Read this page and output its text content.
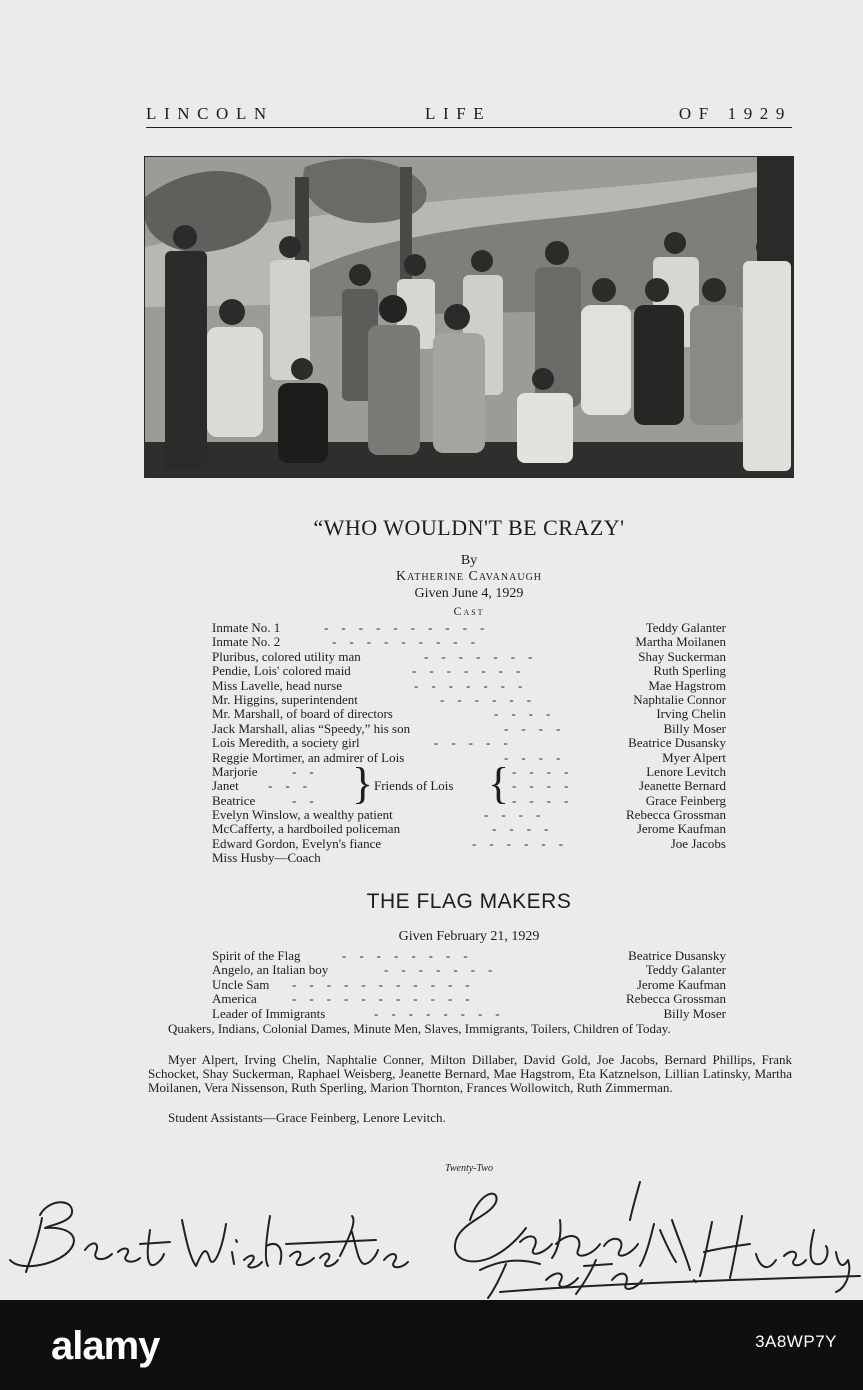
LINCOLN	LIFE	OF 1929
“WHO WOULDN'T BE CRAZY'
By
Katherine Cavanaugh
Given June 4, 1929
Cast
Inmate No. 1	-    -    -    -    -    -    -    -    -    -	Teddy Galanter
Inmate No. 2	-    -    -    -    -    -    -    -    -	Martha Moilanen
Pluribus, colored utility man	-    -    -    -    -    -    -	Shay Suckerman
Pendie, Lois' colored maid	-    -    -    -    -    -    -	Ruth Sperling
Miss Lavelle, head nurse	-    -    -    -    -    -    -	Mae Hagstrom
Mr. Higgins, superintendent	-    -    -    -    -    -	Naphtalie Connor
Mr. Marshall, of board of directors	-    -    -    -	Irving Chelin
Jack Marshall, alias “Speedy,” his son	-    -    -    -	Billy Moser
Lois Meredith, a society girl	-    -    -    -    -	Beatrice Dusansky
Reggie Mortimer, an admirer of Lois	-    -    -    -	Myer Alpert
Marjorie	-    -	-    -    -    -	Lenore Levitch
Janet -    -    -	Friends of Lois	-    -    -    -	Jeanette Bernard
Beatrice	-    -	-    -    -    -	Grace Feinberg
Evelyn Winslow, a wealthy patient	-    -    -    -	Rebecca Grossman
McCafferty, a hardboiled policeman	-    -    -    -	Jerome Kaufman
Edward Gordon, Evelyn's fiance	-    -    -    -    -    -	Joe Jacobs
Miss Husby—Coach
}	{
THE FLAG MAKERS
Given February 21, 1929
Spirit of the Flag	-    -    -    -    -    -    -    -	Beatrice Dusansky
Angelo, an Italian boy	-    -    -    -    -    -    -	Teddy Galanter
Uncle Sam -    -    -    -    -    -    -    -    -    -    -	Jerome Kaufman
America	-    -    -    -    -    -    -    -    -    -    -	Rebecca Grossman
Leader of Immigrants	-    -    -    -    -    -    -    -	Billy Moser

Quakers, Indians, Colonial Dames, Minute Men, Slaves, Immigrants, Toilers, Children of Today.

Myer Alpert, Irving Chelin, Naphtalie Conner, Milton Dillaber, David Gold, Joe Jacobs, Bernard Phillips, Frank Schocket, Shay Suckerman, Raphael Weisberg, Jeanette Bernard, Mae Hagstrom, Eta Katznelson, Lillian Latinsky, Martha Moilanen, Vera Nissenson, Ruth Sperling, Marion Thornton, Frances Wollowitch, Ruth Zimmerman.

Student Assistants—Grace Feinberg, Lenore Levitch.

Twenty-Two
alamy	3A8WP7Y
